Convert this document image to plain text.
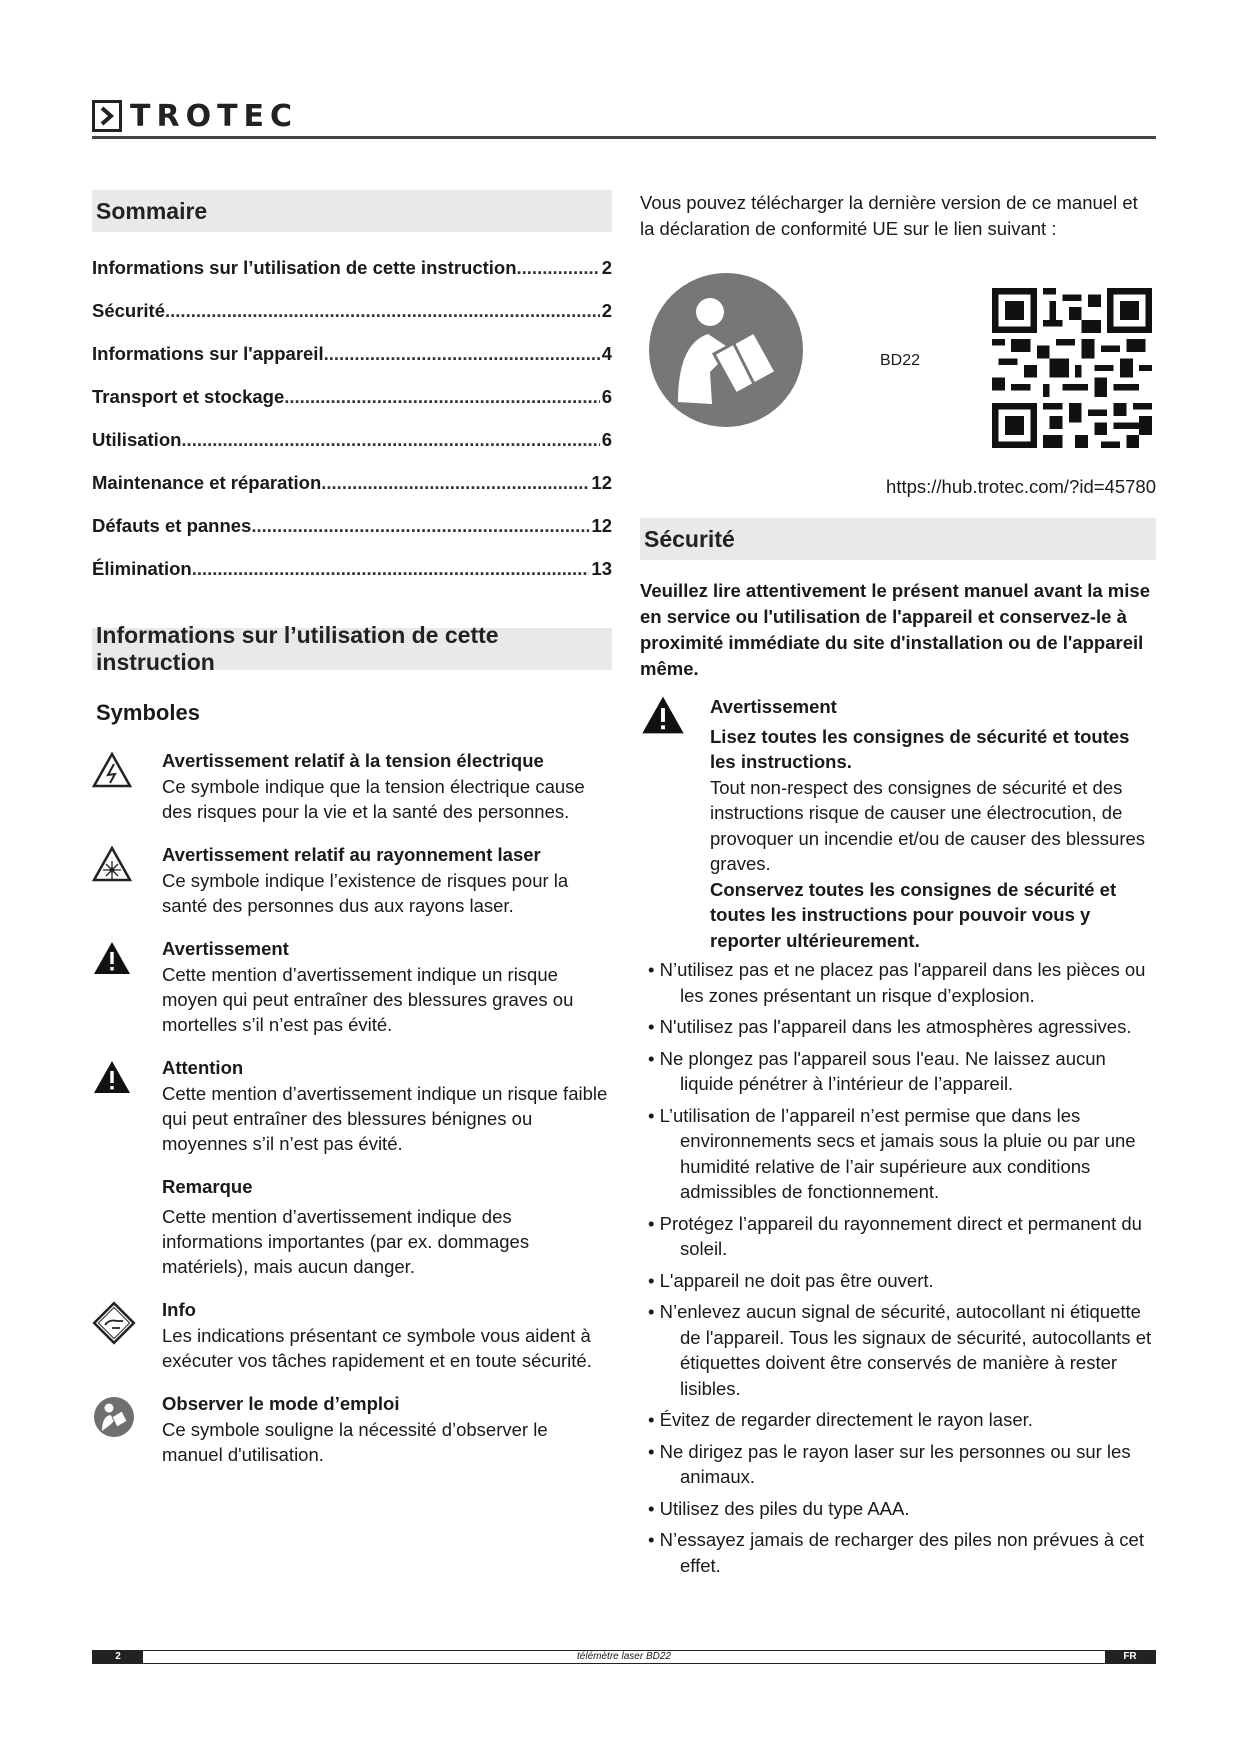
TROTEC
Sommaire
Informations sur l’utilisation de cette instruction .....	2
Sécurité .....	2
Informations sur l'appareil .....	4
Transport et stockage .....	6
Utilisation .....	6
Maintenance et réparation .....	12
Défauts et pannes .....	12
Élimination .....	13
Informations sur l’utilisation de cette instruction
Symboles
Avertissement relatif à la tension électrique
Ce symbole indique que la tension électrique cause des risques pour la vie et la santé des personnes.
Avertissement relatif au rayonnement laser
Ce symbole indique l’existence de risques pour la santé des personnes dus aux rayons laser.
Avertissement
Cette mention d’avertissement indique un risque moyen qui peut entraîner des blessures graves ou mortelles s’il n’est pas évité.
Attention
Cette mention d’avertissement indique un risque faible qui peut entraîner des blessures bénignes ou moyennes s’il n’est pas évité.
Remarque
Cette mention d’avertissement indique des informations importantes (par ex. dommages matériels), mais aucun danger.
Info
Les indications présentant ce symbole vous aident à exécuter vos tâches rapidement et en toute sécurité.
Observer le mode d’emploi
Ce symbole souligne la nécessité d’observer le manuel d'utilisation.
Vous pouvez télécharger la dernière version de ce manuel et la déclaration de conformité UE sur le lien suivant :
BD22
https://hub.trotec.com/?id=45780
Sécurité
Veuillez lire attentivement le présent manuel avant la mise en service ou l'utilisation de l'appareil et conservez-le à proximité immédiate du site d'installation ou de l'appareil même.
Avertissement
Lisez toutes les consignes de sécurité et toutes les instructions.
Tout non-respect des consignes de sécurité et des instructions risque de causer une électrocution, de provoquer un incendie et/ou de causer des blessures graves.
Conservez toutes les consignes de sécurité et toutes les instructions pour pouvoir vous y reporter ultérieurement.
• N’utilisez pas et ne placez pas l'appareil dans les pièces ou les zones présentant un risque d’explosion.
• N'utilisez pas l'appareil dans les atmosphères agressives.
• Ne plongez pas l'appareil sous l'eau. Ne laissez aucun liquide pénétrer à l’intérieur de l’appareil.
• L’utilisation de l’appareil n’est permise que dans les environnements secs et jamais sous la pluie ou par une humidité relative de l’air supérieure aux conditions admissibles de fonctionnement.
• Protégez l’appareil du rayonnement direct et permanent du soleil.
• L'appareil ne doit pas être ouvert.
• N’enlevez aucun signal de sécurité, autocollant ni étiquette de l'appareil. Tous les signaux de sécurité, autocollants et étiquettes doivent être conservés de manière à rester lisibles.
• Évitez de regarder directement le rayon laser.
• Ne dirigez pas le rayon laser sur les personnes ou sur les animaux.
• Utilisez des piles du type AAA.
• N’essayez jamais de recharger des piles non prévues à cet effet.
télémètre laser BD22
2	FR
